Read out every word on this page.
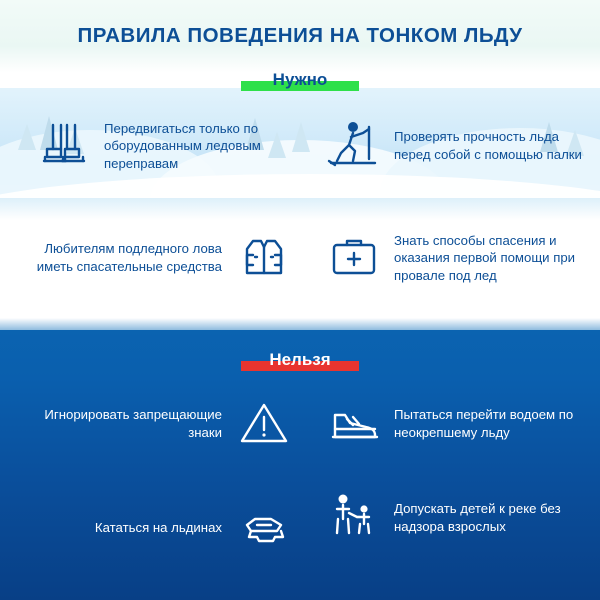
ПРАВИЛА ПОВЕДЕНИЯ НА ТОНКОМ ЛЬДУ
Нужно
Передвигаться только по оборудованным ледовым переправам
Проверять прочность льда перед собой с помощью палки
Любителям подледного лова иметь спасательные средства
Знать способы спасения и оказания первой помощи при провале под лед
Нельзя
Игнорировать запрещающие знаки
Пытаться перейти водоем по неокрепшему льду
Кататься на льдинах
Допускать детей к реке без надзора взрослых
